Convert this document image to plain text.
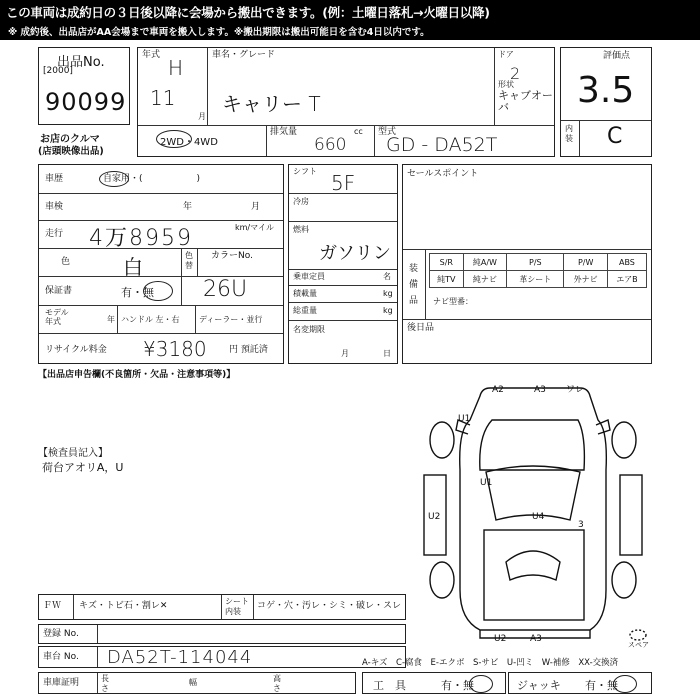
この車両は成約日の３日後以降に会場から搬出できます。(例：土曜日落札→火曜日以降)
※ 成約後、出品店がAA会場まで車両を搬入します。※搬出期限は搬出可能日を含む4日以内です。
出品No.
[2000]
90099
お店のクルマ
(店頭映像出品)
年式
H
11
月
車名・グレード
キャリー T
ドア
2
形状
キャブオーバ
2WD・4WD
排気量	cc
660
型式
GD - DA52T
評価点
3.5
内装 C
車歴	自家用・(　　　　　　)
車検	年	月
走行 4万8959	km/マイル
色	白	色替
カラーNo.
保証書	有・無 26U
モデル年式	年 ハンドル 左・右 ディーラー・並行
リサイクル料金 ¥3180 円 預託済
シフト 5F
冷房
燃料
ガソリン
乗車定員	名
積載量	kg
総重量	kg
名変期限
月	日
セールスポイント
装備品
S/R	純A/W	P/S	P/W	ABS
純TV	純ナビ	革シート	外ナビ	エアB
ナビ型番：
後日品
【出品店申告欄(不良箇所・欠品・注意事項等)】
【検査員記入】
荷台アオリA，U
A2	A3 ワレ
U1
U1
U2	U4
3
U2	A3
スペア
ＦＷ キズ・トビ石・割レ✕	シート内装
コゲ・穴・汚レ・シミ・破レ・スレ
登録 No.
車台 No. DA52T-114044	A-キズ　C-腐食　E-エクボ　S-サビ　U-凹ミ　W-補修　XX-交換済
車庫証明	長さ
幅	高さ	工　具	有・無	ジャッキ 有・無
